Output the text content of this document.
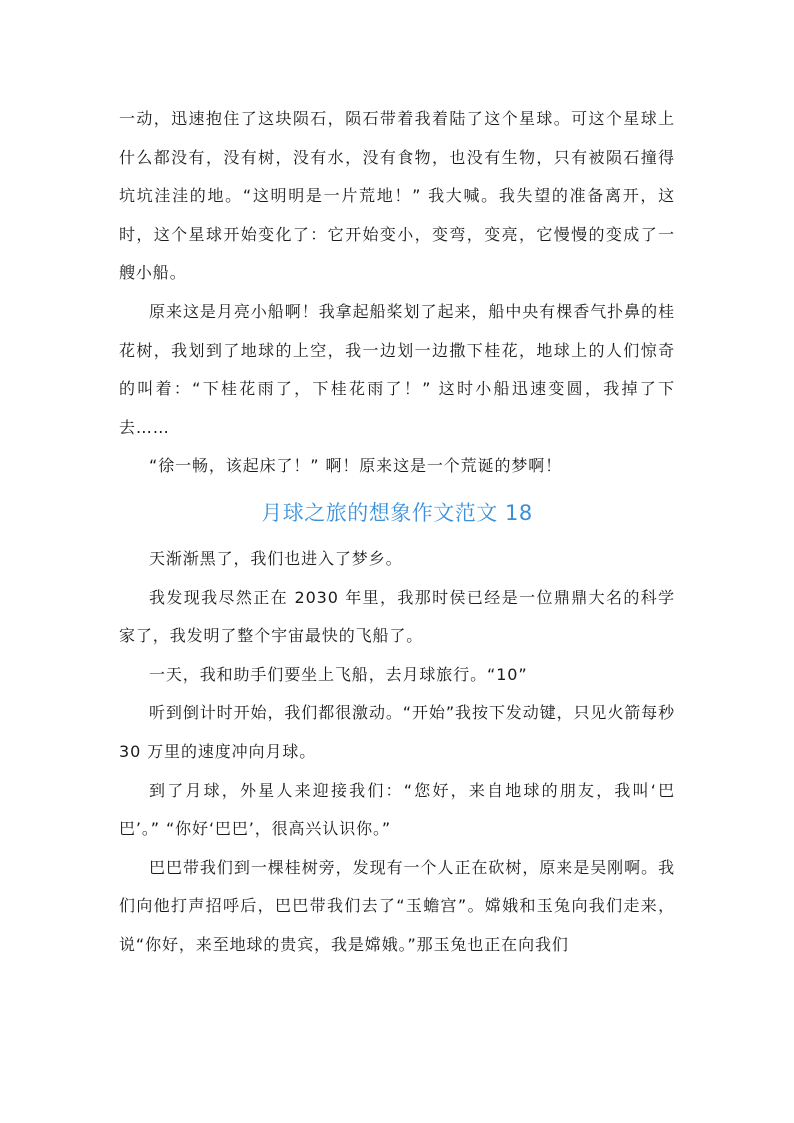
一动，迅速抱住了这块陨石，陨石带着我着陆了这个星球。可这个星球上什么都没有，没有树，没有水，没有食物，也没有生物，只有被陨石撞得坑坑洼洼的地。“这明明是一片荒地！” 我大喊。我失望的准备离开，这时，这个星球开始变化了：它开始变小，变弯，变亮，它慢慢的变成了一艘小船。

原来这是月亮小船啊！我拿起船桨划了起来，船中央有棵香气扑鼻的桂花树，我划到了地球的上空，我一边划一边撒下桂花，地球上的人们惊奇的叫着：“下桂花雨了，下桂花雨了！” 这时小船迅速变圆，我掉了下去……

“徐一畅，该起床了！” 啊！原来这是一个荒诞的梦啊！

月球之旅的想象作文范文 18

天渐渐黑了，我们也进入了梦乡。

我发现我尽然正在 2030 年里，我那时侯已经是一位鼎鼎大名的科学家了，我发明了整个宇宙最快的飞船了。

一天，我和助手们要坐上飞船，去月球旅行。“10”

听到倒计时开始，我们都很激动。“开始”我按下发动键，只见火箭每秒 30 万里的速度冲向月球。

到了月球，外星人来迎接我们：“您好，来自地球的朋友，我叫‘巴巴’。” “你好‘巴巴’，很高兴认识你。”

巴巴带我们到一棵桂树旁，发现有一个人正在砍树，原来是吴刚啊。我们向他打声招呼后，巴巴带我们去了“玉蟾宫”。嫦娥和玉兔向我们走来，说“你好，来至地球的贵宾，我是嫦娥。”那玉兔也正在向我们
